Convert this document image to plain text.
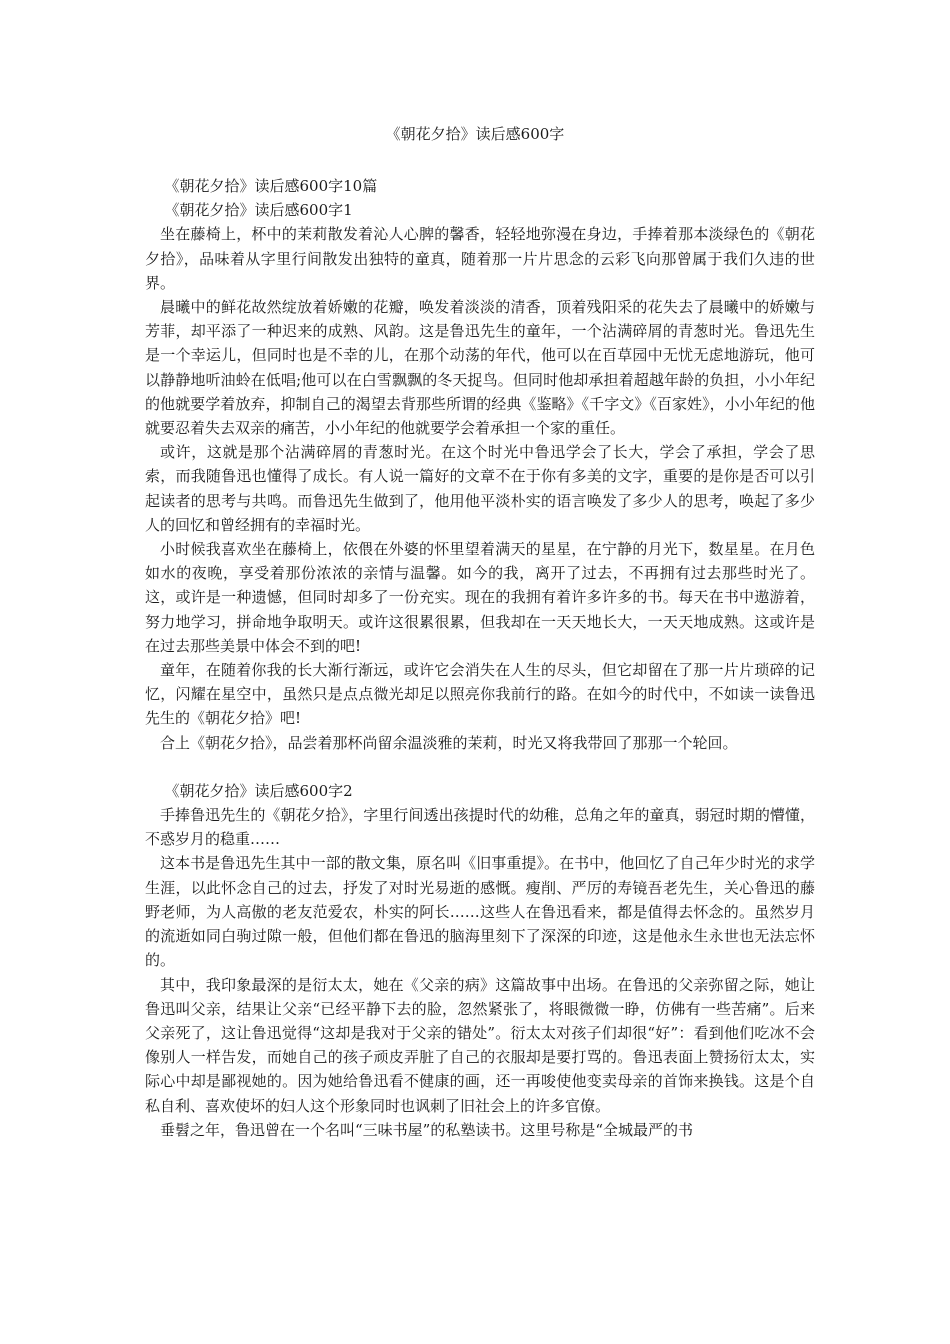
《朝花夕拾》读后感600字

《朝花夕拾》读后感600字10篇

《朝花夕拾》读后感600字1

坐在藤椅上，杯中的茉莉散发着沁人心脾的馨香，轻轻地弥漫在身边，手捧着那本淡绿色的《朝花夕拾》，品味着从字里行间散发出独特的童真，随着那一片片思念的云彩飞向那曾属于我们久违的世界。

晨曦中的鲜花故然绽放着娇嫩的花瓣，唤发着淡淡的清香，顶着残阳采的花失去了晨曦中的娇嫩与芳菲，却平添了一种迟来的成熟、风韵。这是鲁迅先生的童年，一个沾满碎屑的青葱时光。鲁迅先生是一个幸运儿，但同时也是不幸的儿，在那个动荡的年代，他可以在百草园中无忧无虑地游玩，他可以静静地听油蛉在低唱;他可以在白雪飘飘的冬天捉鸟。但同时他却承担着超越年龄的负担，小小年纪的他就要学着放弃，抑制自己的渴望去背那些所谓的经典《鉴略》《千字文》《百家姓》，小小年纪的他就要忍着失去双亲的痛苦，小小年纪的他就要学会着承担一个家的重任。

或许，这就是那个沾满碎屑的青葱时光。在这个时光中鲁迅学会了长大，学会了承担，学会了思索，而我随鲁迅也懂得了成长。有人说一篇好的文章不在于你有多美的文字，重要的是你是否可以引起读者的思考与共鸣。而鲁迅先生做到了，他用他平淡朴实的语言唤发了多少人的思考，唤起了多少人的回忆和曾经拥有的幸福时光。

小时候我喜欢坐在藤椅上，依偎在外婆的怀里望着满天的星星，在宁静的月光下，数星星。在月色如水的夜晚，享受着那份浓浓的亲情与温馨。如今的我，离开了过去，不再拥有过去那些时光了。这，或许是一种遗憾，但同时却多了一份充实。现在的我拥有着许多许多的书。每天在书中遨游着，努力地学习，拼命地争取明天。或许这很累很累，但我却在一天天地长大，一天天地成熟。这或许是在过去那些美景中体会不到的吧!

童年，在随着你我的长大渐行渐远，或许它会消失在人生的尽头，但它却留在了那一片片琐碎的记忆，闪耀在星空中，虽然只是点点微光却足以照亮你我前行的路。在如今的时代中，不如读一读鲁迅先生的《朝花夕拾》吧!

合上《朝花夕拾》，品尝着那杯尚留余温淡雅的茉莉，时光又将我带回了那那一个轮回。

《朝花夕拾》读后感600字2

手捧鲁迅先生的《朝花夕拾》，字里行间透出孩提时代的幼稚，总角之年的童真，弱冠时期的懵懂，不惑岁月的稳重……

这本书是鲁迅先生其中一部的散文集，原名叫《旧事重提》。在书中，他回忆了自己年少时光的求学生涯，以此怀念自己的过去，抒发了对时光易逝的感慨。瘦削、严厉的寿镜吾老先生，关心鲁迅的藤野老师，为人高傲的老友范爱农，朴实的阿长……这些人在鲁迅看来，都是值得去怀念的。虽然岁月的流逝如同白驹过隙一般，但他们都在鲁迅的脑海里刻下了深深的印迹，这是他永生永世也无法忘怀的。

其中，我印象最深的是衍太太，她在《父亲的病》这篇故事中出场。在鲁迅的父亲弥留之际，她让鲁迅叫父亲，结果让父亲“已经平静下去的脸，忽然紧张了，将眼微微一睁，仿佛有一些苦痛”。后来父亲死了，这让鲁迅觉得“这却是我对于父亲的错处”。衍太太对孩子们却很“好”：看到他们吃冰不会像别人一样告发，而她自己的孩子顽皮弄脏了自己的衣服却是要打骂的。鲁迅表面上赞扬衍太太，实际心中却是鄙视她的。因为她给鲁迅看不健康的画，还一再唆使他变卖母亲的首饰来换钱。这是个自私自利、喜欢使坏的妇人这个形象同时也讽刺了旧社会上的许多官僚。

垂髫之年，鲁迅曾在一个名叫“三味书屋”的私塾读书。这里号称是“全城最严的书
